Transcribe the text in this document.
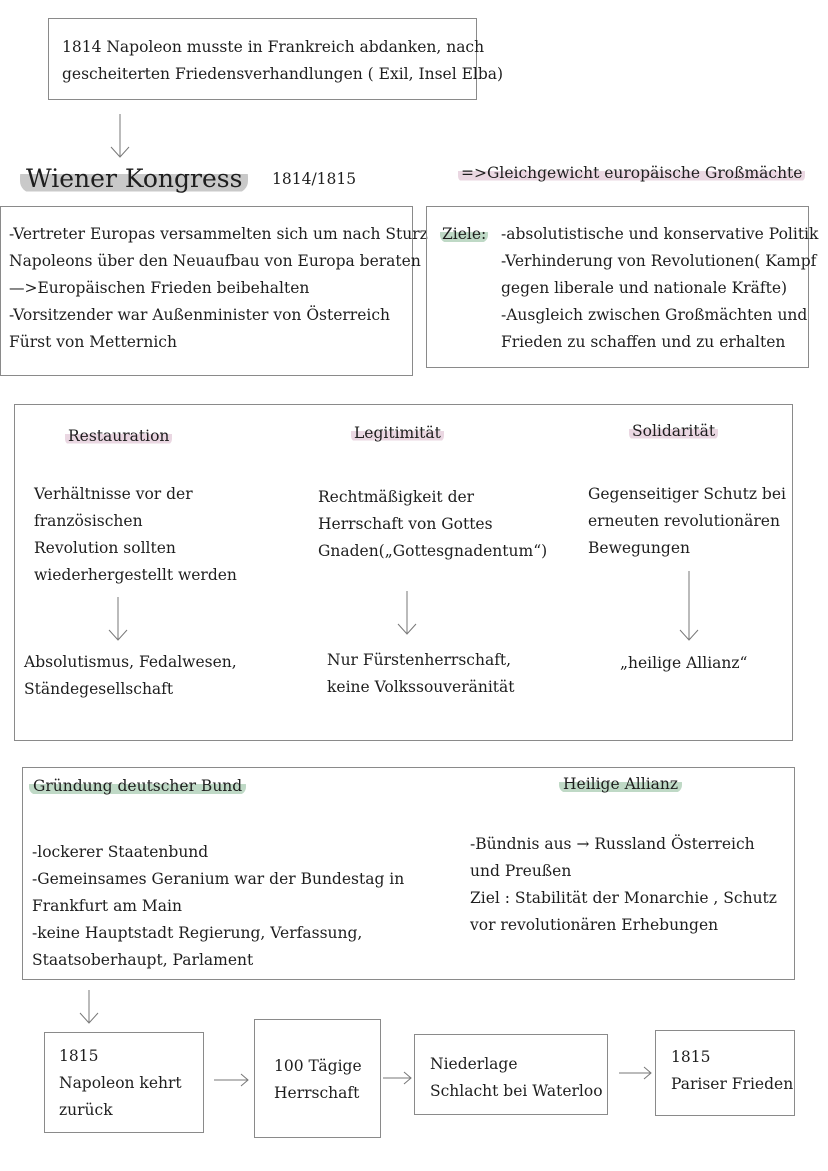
1814 Napoleon musste in Frankreich abdanken, nach
gescheiterten Friedensverhandlungen ( Exil, Insel Elba)
Wiener Kongress	1814/1815	=>Gleichgewicht europäische Großmächte
-Vertreter Europas versammelten sich um nach Sturz
Napoleons über den Neuaufbau von Europa beraten
—>Europäischen Frieden beibehalten
-Vorsitzender war Außenminister von Österreich
Fürst von Metternich
Ziele: -absolutistische und konservative Politik
-Verhinderung von Revolutionen( Kampf
gegen liberale und nationale Kräfte)
-Ausgleich zwischen Großmächten und
Frieden zu schaffen und zu erhalten
Restauration
Verhältnisse vor der
französischen
Revolution sollten
wiederhergestellt werden
Absolutismus, Fedalwesen,
Ständegesellschaft
Legitimität
Rechtmäßigkeit der
Herrschaft von Gottes
Gnaden(„Gottesgnadentum“)
Nur Fürstenherrschaft,
keine Volkssouveränität
Solidarität
Gegenseitiger Schutz bei
erneuten revolutionären
Bewegungen
„heilige Allianz“
Gründung deutscher Bund
-lockerer Staatenbund
-Gemeinsames Geranium war der Bundestag in
Frankfurt am Main
-keine Hauptstadt Regierung, Verfassung,
Staatsoberhaupt, Parlament
Heilige Allianz
-Bündnis aus → Russland Österreich
und Preußen
Ziel : Stabilität der Monarchie , Schutz
vor revolutionären Erhebungen
1815
Napoleon kehrt
zurück
100 Tägige
Herrschaft
Niederlage
Schlacht bei Waterloo
1815
Pariser Frieden
